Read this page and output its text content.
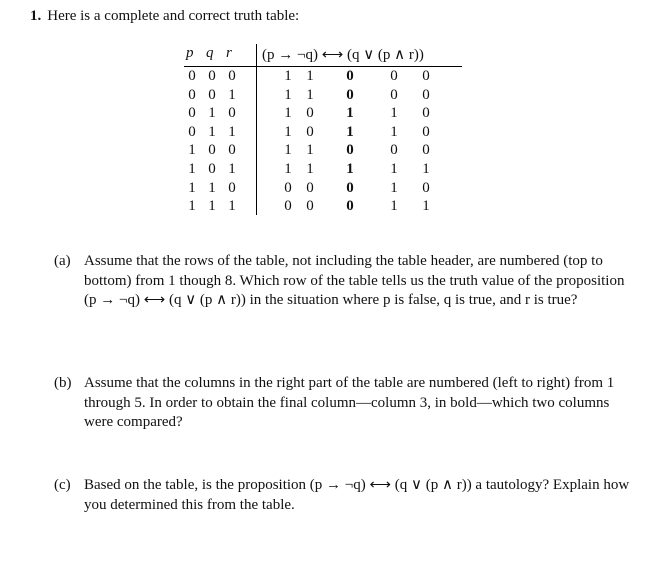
1. Here is a complete and correct truth table:
p q r (p → ¬q) ⟷ (q ∨ (p ∧ r))
0 0 0	1 1 0 0 0
0 0 1	1 1 0 0 0
0 1 0	1 0 1 1 0
0 1 1	1 0 1 1 0
1 0 0	1 1 0 0 0
1 0 1	1 1 1 1 1
1 1 0	0 0 0 1 0
1 1 1	0 0 0 1 1
(a) Assume that the rows of the table, not including the table header, are numbered (top to bottom) from 1 though 8. Which row of the table tells us the truth value of the proposition (p → ¬q) ⟷ (q ∨ (p ∧ r)) in the situation where p is false, q is true, and r is true?
(b) Assume that the columns in the right part of the table are numbered (left to right) from 1 through 5. In order to obtain the final column—column 3, in bold—which two columns were compared?
(c) Based on the table, is the proposition (p → ¬q) ⟷ (q ∨ (p ∧ r)) a tautology? Explain how you determined this from the table.
